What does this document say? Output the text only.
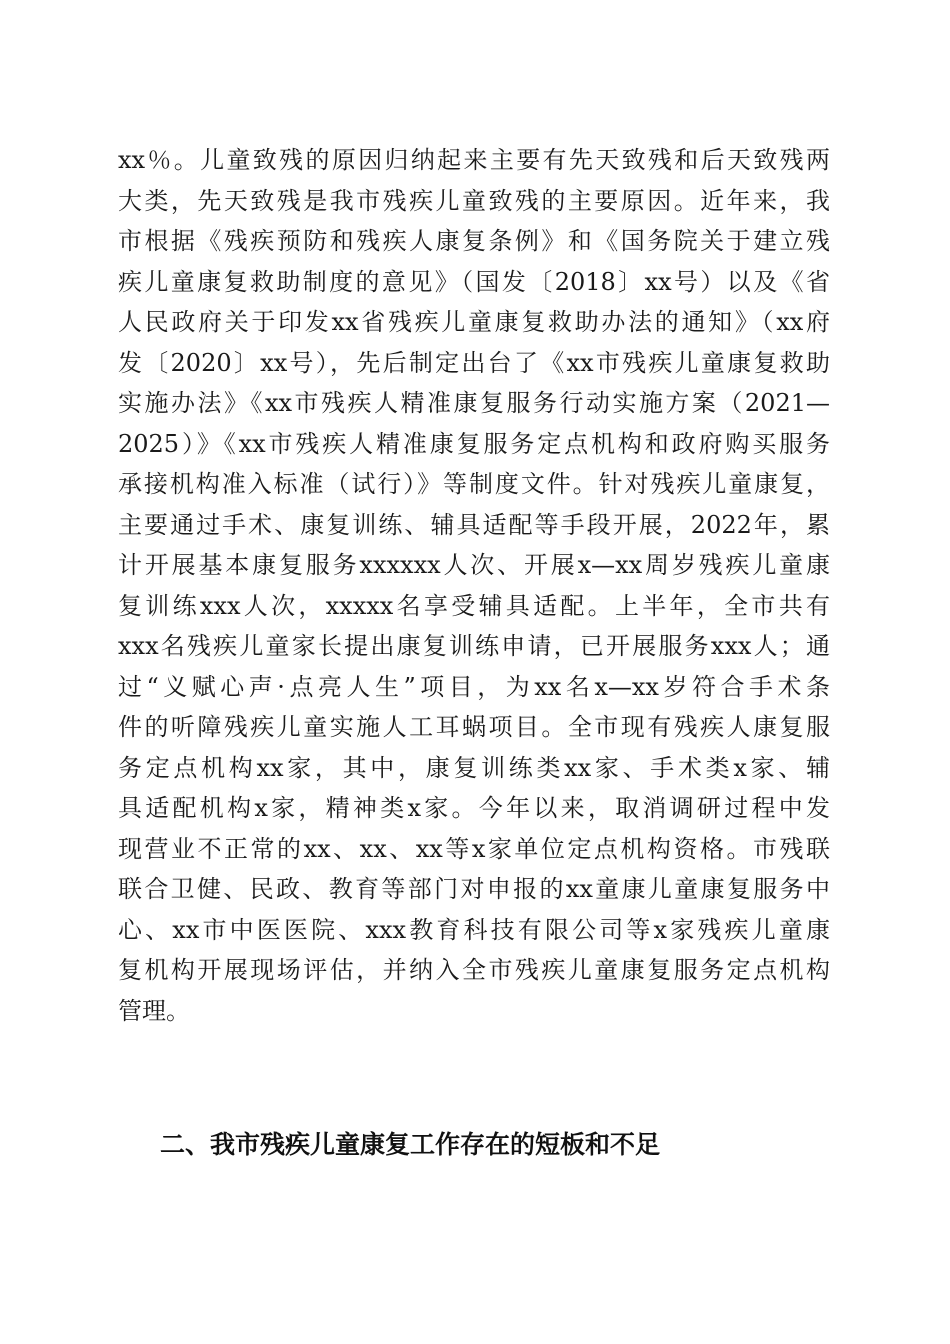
xx％。儿童致残的原因归纳起来主要有先天致残和后天致残两
大类，先天致残是我市残疾儿童致残的主要原因。近年来，我
市根据《残疾预防和残疾人康复条例》和《国务院关于建立残
疾儿童康复救助制度的意见》（国发〔2018〕xx号）以及《省
人民政府关于印发xx省残疾儿童康复救助办法的通知》（xx府
发〔2020〕xx号），先后制定出台了《xx市残疾儿童康复救助
实施办法》《xx市残疾人精准康复服务行动实施方案（2021—
2025）》《xx市残疾人精准康复服务定点机构和政府购买服务
承接机构准入标准（试行）》等制度文件。针对残疾儿童康复，
主要通过手术、康复训练、辅具适配等手段开展，2022年，累
计开展基本康复服务xxxxxx人次、开展x—xx周岁残疾儿童康
复训练xxx人次，xxxxx名享受辅具适配。上半年，全市共有
xxx名残疾儿童家长提出康复训练申请，已开展服务xxx人；通
过“义赋心声·点亮人生”项目，为xx名x—xx岁符合手术条
件的听障残疾儿童实施人工耳蜗项目。全市现有残疾人康复服
务定点机构xx家，其中，康复训练类xx家、手术类x家、辅
具适配机构x家，精神类x家。今年以来，取消调研过程中发
现营业不正常的xx、xx、xx等x家单位定点机构资格。市残联
联合卫健、民政、教育等部门对申报的xx童康儿童康复服务中
心、xx市中医医院、xxx教育科技有限公司等x家残疾儿童康
复机构开展现场评估，并纳入全市残疾儿童康复服务定点机构
管理。
二、我市残疾儿童康复工作存在的短板和不足
